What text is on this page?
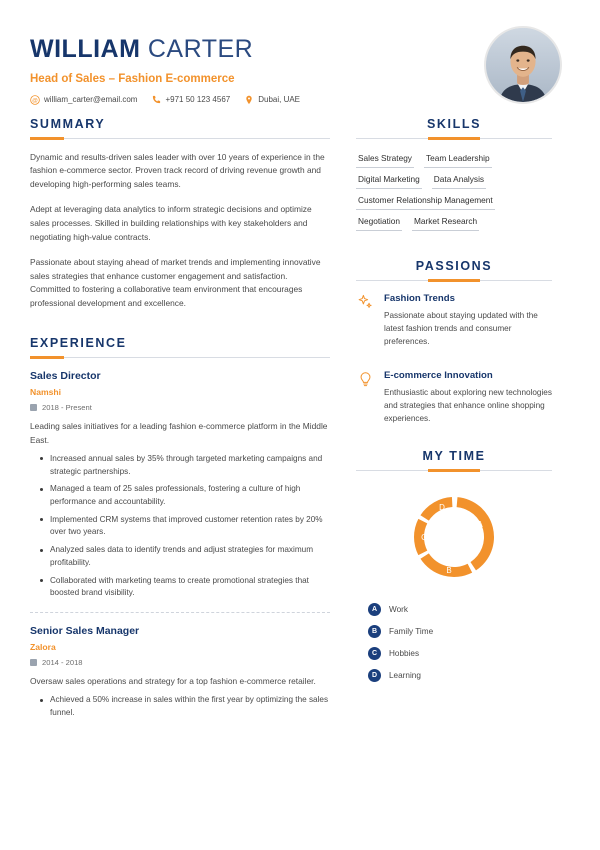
WILLIAM CARTER
Head of Sales – Fashion E-commerce
@ william_carter@email.com	+971 50 123 4567	Dubai, UAE
SUMMARY

Dynamic and results-driven sales leader with over 10 years of experience in the fashion e-commerce sector. Proven track record of driving revenue growth and developing high-performing sales teams.

Adept at leveraging data analytics to inform strategic decisions and optimize sales processes. Skilled in building relationships with key stakeholders and negotiating high-value contracts.

Passionate about staying ahead of market trends and implementing innovative sales strategies that enhance customer engagement and satisfaction. Committed to fostering a collaborative team environment that encourages professional development and excellence.

EXPERIENCE
Sales Director
Namshi
2018 - Present

Leading sales initiatives for a leading fashion e-commerce platform in the Middle East.

Increased annual sales by 35% through targeted marketing campaigns and strategic partnerships.
Managed a team of 25 sales professionals, fostering a culture of high performance and accountability.
Implemented CRM systems that improved customer retention rates by 20% over two years.
Analyzed sales data to identify trends and adjust strategies for maximum profitability.
Collaborated with marketing teams to create promotional strategies that boosted brand visibility.
Senior Sales Manager
Zalora
2014 - 2018

Oversaw sales operations and strategy for a top fashion e-commerce retailer.

Achieved a 50% increase in sales within the first year by optimizing the sales funnel.
SKILLS
Sales Strategy Team Leadership
Digital Marketing Data Analysis
Customer Relationship Management
Negotiation Market Research
PASSIONS
Fashion Trends
Passionate about staying updated with the latest fashion trends and consumer preferences.
E-commerce Innovation
Enthusiastic about exploring new technologies and strategies that enhance online shopping experiences.
MY TIME
A
B
C
D
A	Work
B	Family Time
C	Hobbies
D	Learning
